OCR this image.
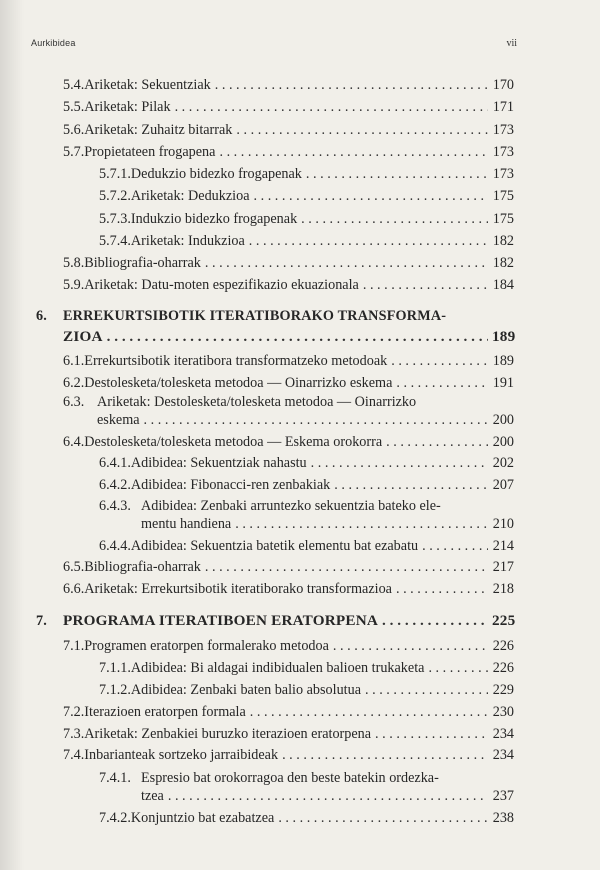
Aurkibidea	vii
5.4. Ariketak: Sekuentziak . . .	170
5.5. Ariketak: Pilak . . .	171
5.6. Ariketak: Zuhaitz bitarrak . . .	173
5.7. Propietateen frogapena . . .	173
5.7.1. Dedukzio bidezko frogapenak . . .	173
5.7.2. Ariketak: Dedukzioa . . .	175
5.7.3. Indukzio bidezko frogapenak . . .	175
5.7.4. Ariketak: Indukzioa . . .	182
5.8. Bibliografia-oharrak . . .	182
5.9. Ariketak: Datu-moten espezifikazio ekuazionala . . .	184
6. ERREKURTSIBOTIK ITERATIBORAKO TRANSFORMA-
ZIOA . . .	189
6.1. Errekurtsibotik iteratibora transformatzeko metodoak . . .	189
6.2. Destolesketa/tolesketa metodoa — Oinarrizko eskema . . .	191
6.3. Ariketak: Destolesketa/tolesketa metodoa — Oinarrizko
eskema . . .	200
6.4. Destolesketa/tolesketa metodoa — Eskema orokorra . . .	200
6.4.1. Adibidea: Sekuentziak nahastu . . .	202
6.4.2. Adibidea: Fibonacci-ren zenbakiak . . .	207
6.4.3. Adibidea: Zenbaki arruntezko sekuentzia bateko ele-
mentu handiena . . .	210
6.4.4. Adibidea: Sekuentzia batetik elementu bat ezabatu . . .	214
6.5. Bibliografia-oharrak . . .	217
6.6. Ariketak: Errekurtsibotik iteratiborako transformazioa . . .	218
7. PROGRAMA ITERATIBOEN ERATORPENA . . .	225
7.1. Programen eratorpen formalerako metodoa . . .	226
7.1.1. Adibidea: Bi aldagai indibidualen balioen trukaketa . . .	226
7.1.2. Adibidea: Zenbaki baten balio absolutua . . .	229
7.2. Iterazioen eratorpen formala . . .	230
7.3. Ariketak: Zenbakiei buruzko iterazioen eratorpena . . .	234
7.4. Inbarianteak sortzeko jarraibideak . . .	234
7.4.1. Espresio bat orokorragoa den beste batekin ordezka-
tzea . . .	237
7.4.2. Konjuntzio bat ezabatzea . . .	238
